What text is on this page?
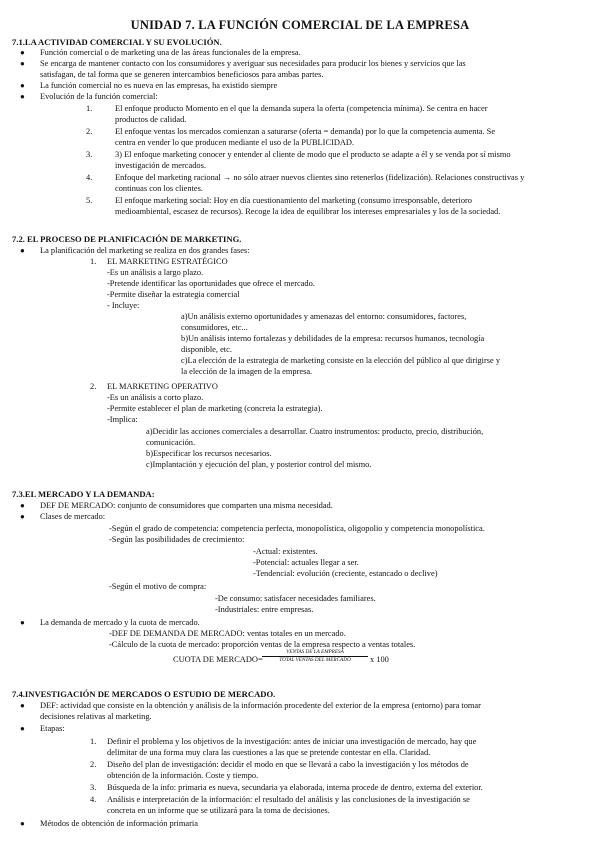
UNIDAD 7. LA FUNCIÓN COMERCIAL DE LA EMPRESA
7.1.LA ACTIVIDAD COMERCIAL Y SU EVOLUCIÓN.
● Función comercial o de marketing una de las áreas funcionales de la empresa.
● Se encarga de mantener contacto con los consumidores y averiguar sus necesidades para producir los bienes y servicios que las
satisfagan, de tal forma que se generen intercambios beneficiosos para ambas partes.
● La función comercial no es nueva en las empresas, ha existido siempre
● Evolución de la función comercial:
1.	El enfoque producto Momento en el que la demanda supera la oferta (competencia mínima). Se centra en hacer
productos de calidad.
2.	El enfoque ventas los mercados comienzan a saturarse (oferta = demanda) por lo que la competencia aumenta. Se
centra en vender lo que producen mediante el uso de la PUBLICIDAD.
3.	3) El enfoque marketing conocer y entender al cliente de modo que el producto se adapte a él y se venda por sí mismo
investigación de mercados.
4.	Enfoque del marketing racional → no sólo atraer nuevos clientes sino retenerlos (fidelización). Relaciones constructivas y
continuas con los clientes.
5.	El enfoque marketing social: Hoy en día cuestionamiento del marketing (consumo irresponsable, deterioro
medioambiental, escasez de recursos). Recoge la idea de equilibrar los intereses empresariales y los de la sociedad.
7.2. EL PROCESO DE PLANIFICACIÓN DE MARKETING.
● La planificación del marketing se realiza en dos grandes fases:
1. EL MARKETING ESTRATÉGICO
-Es un análisis a largo plazo.
-Pretende identificar las oportunidades que ofrece el mercado.
-Permite diseñar la estrategia comercial
- Incluye:
a)Un análisis externo oportunidades y amenazas del entorno: consumidores, factores,
consumidores, etc...
b)Un análisis interno fortalezas y debilidades de la empresa: recursos humanos, tecnología
disponible, etc.
c)La elección de la estrategia de marketing consiste en la elección del público al que dirigirse y
la elección de la imagen de la empresa.
2. EL MARKETING OPERATIVO
-Es un análisis a corto plazo.
-Permite establecer el plan de marketing (concreta la estrategia).
-Implica:
a)Decidir las acciones comerciales a desarrollar. Cuatro instrumentos: producto, precio, distribución,
comunicación.
b)Especificar los recursos necesarios.
c)Implantación y ejecución del plan, y posterior control del mismo.
7.3.EL MERCADO Y LA DEMANDA:
● DEF DE MERCADO: conjunto de consumidores que comparten una misma necesidad.
● Clases de mercado:
-Según el grado de competencia: competencia perfecta, monopolística, oligopolio y competencia monopolística.
-Según las posibilidades de crecimiento:
-Actual: existentes.
-Potencial: actuales llegar a ser.
-Tendencial: evolución (creciente, estancado o declive)
-Según el motivo de compra:
-De consumo: satisfacer necesidades familiares.
-Industriales: entre empresas.
● La demanda de mercado y la cuota de mercado.
-DEF DE DEMANDA DE MERCADO: ventas totales en un mercado.
-Cálculo de la cuota de mercado: proporción ventas de la empresa respecto a ventas totales.
CUOTA DE MERCADO=
VENTAS DE LA EMPRESA
TOTAL VENTAS DEL MERCADO	x 100
7.4.INVESTIGACIÓN DE MERCADOS O ESTUDIO DE MERCADO.
● DEF: actividad que consiste en la obtención y análisis de la información procedente del exterior de la empresa (entorno) para tomar
decisiones relativas al marketing.
● Etapas:
1. Definir el problema y los objetivos de la investigación: antes de iniciar una investigación de mercado, hay que
delimitar de una forma muy clara las cuestiones a las que se pretende contestar en ella. Claridad.
2. Diseño del plan de investigación: decidir el modo en que se llevará a cabo la investigación y los métodos de
obtención de la información. Coste y tiempo.
3. Búsqueda de la info: primaria es nueva, secundaria ya elaborada, interna procede de dentro, externa del exterior.
4. Análisis e interpretación de la información: el resultado del análisis y las conclusiones de la investigación se
concreta en un informe que se utilizará para la toma de decisiones.
● Métodos de obtención de información primaria
